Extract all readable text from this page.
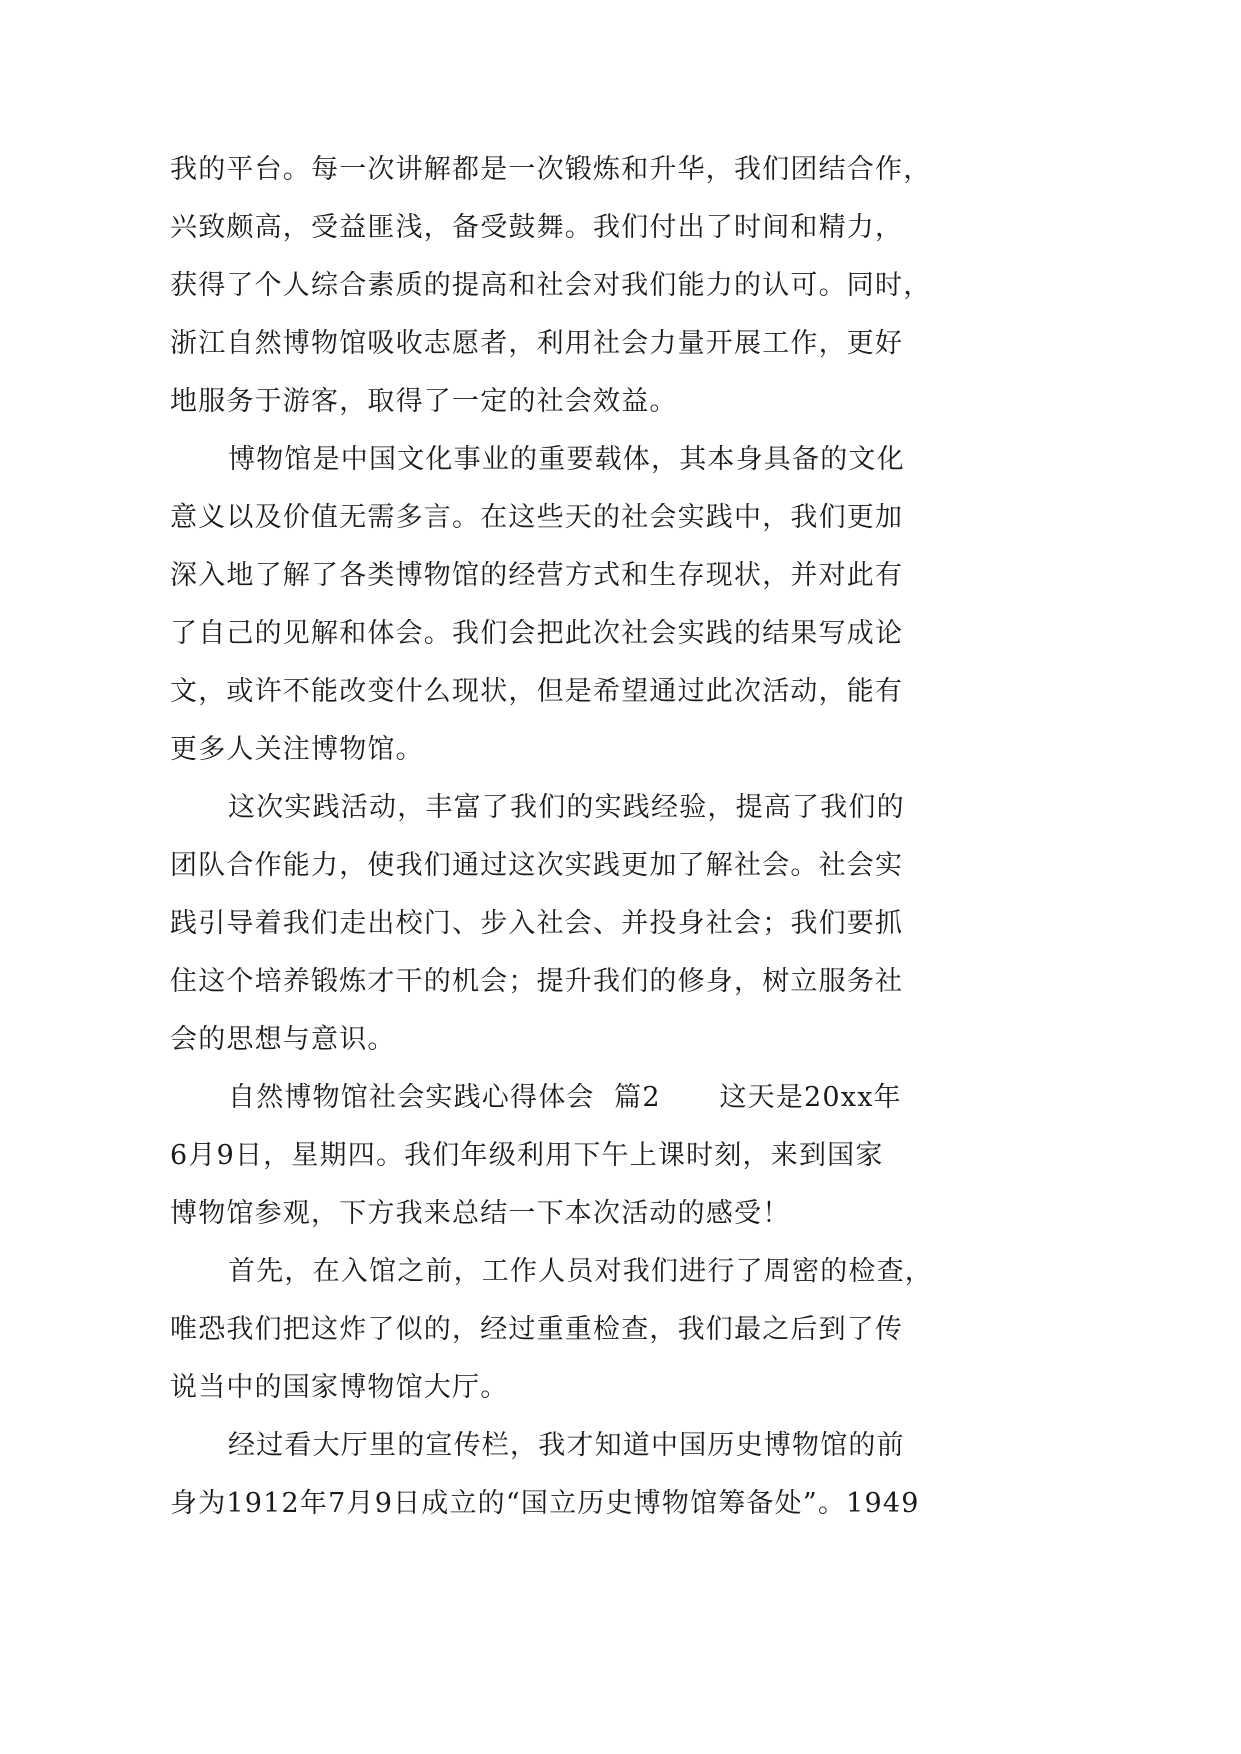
我的平台。每一次讲解都是一次锻炼和升华，我们团结合作，
兴致颇高，受益匪浅，备受鼓舞。我们付出了时间和精力，
获得了个人综合素质的提高和社会对我们能力的认可。同时，
浙江自然博物馆吸收志愿者，利用社会力量开展工作，更好
地服务于游客，取得了一定的社会效益。
博物馆是中国文化事业的重要载体，其本身具备的文化
意义以及价值无需多言。在这些天的社会实践中，我们更加
深入地了解了各类博物馆的经营方式和生存现状，并对此有
了自己的见解和体会。我们会把此次社会实践的结果写成论
文，或许不能改变什么现状，但是希望通过此次活动，能有
更多人关注博物馆。
这次实践活动，丰富了我们的实践经验，提高了我们的
团队合作能力，使我们通过这次实践更加了解社会。社会实
践引导着我们走出校门、步入社会、并投身社会；我们要抓
住这个培养锻炼才干的机会；提升我们的修身，树立服务社
会的思想与意识。
自然博物馆社会实践心得体会  篇2      这天是20xx年
6月9日，星期四。我们年级利用下午上课时刻，来到国家
博物馆参观，下方我来总结一下本次活动的感受！
首先，在入馆之前，工作人员对我们进行了周密的检查，
唯恐我们把这炸了似的，经过重重检查，我们最之后到了传
说当中的国家博物馆大厅。
经过看大厅里的宣传栏，我才知道中国历史博物馆的前
身为1912年7月9日成立的“国立历史博物馆筹备处”。1949
